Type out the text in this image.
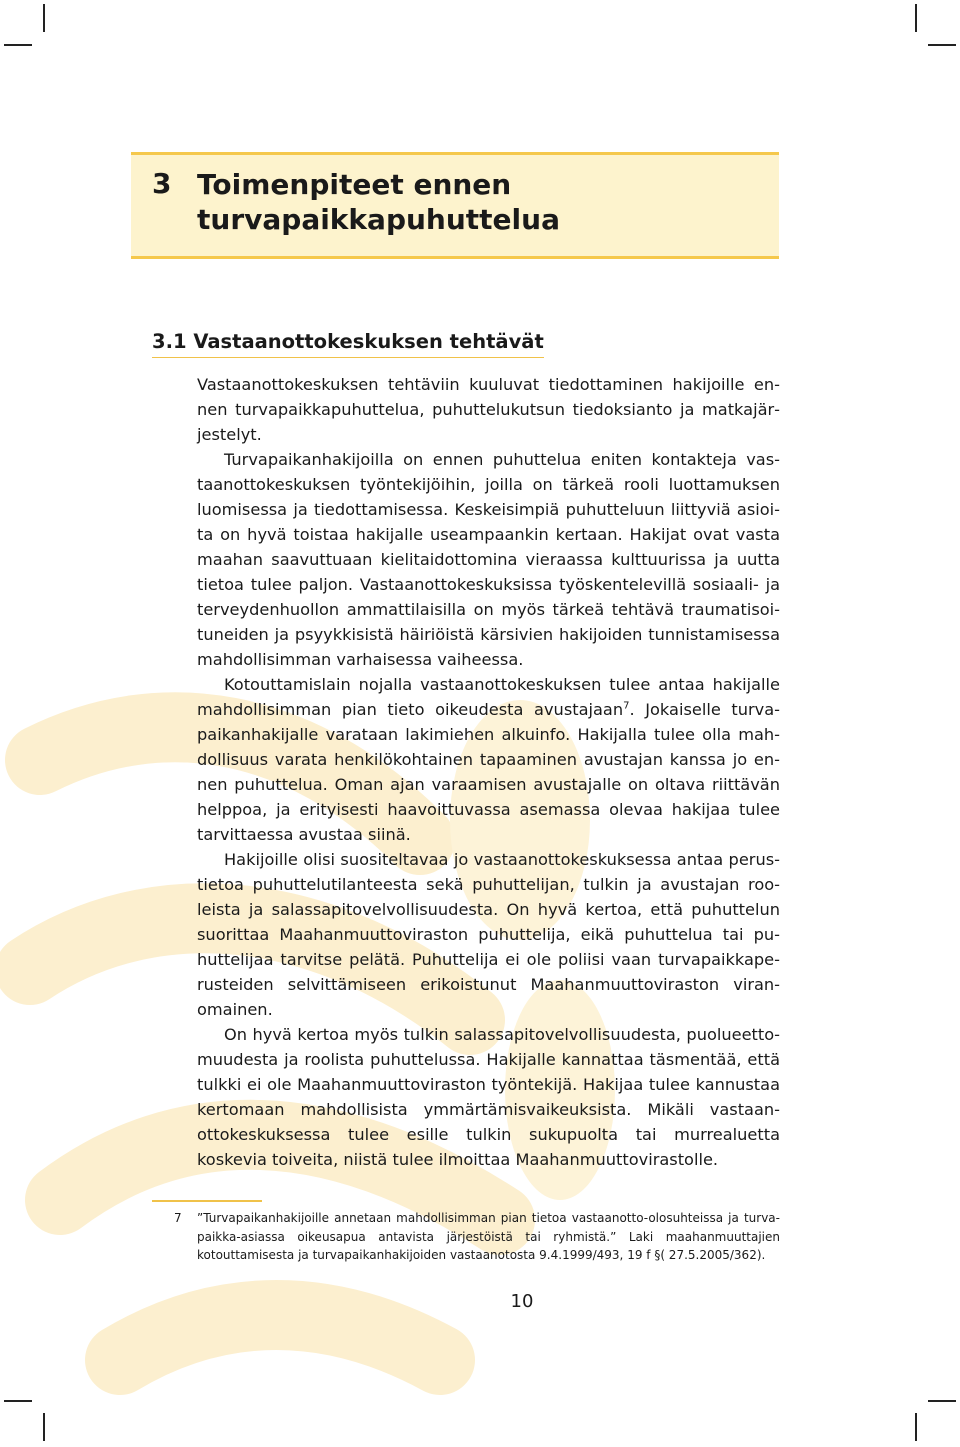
3 Toimenpiteet ennen turvapaikkapuhuttelua
3.1 Vastaanottokeskuksen tehtävät

Vastaanottokeskuksen tehtäviin kuuluvat tiedottaminen hakijoille ennen turvapaikkapuhuttelua, puhuttelukutsun tiedoksianto ja matkajärjestelyt.

Turvapaikanhakijoilla on ennen puhuttelua eniten kontakteja vastaanottokeskuksen työntekijöihin, joilla on tärkeä rooli luottamuksen luomisessa ja tiedottamisessa. Keskeisimpiä puhutteluun liittyviä asioita on hyvä toistaa hakijalle useampaankin kertaan. Hakijat ovat vasta maahan saavuttuaan kielitaidottomina vieraassa kulttuurissa ja uutta tietoa tulee paljon. Vastaanottokeskuksissa työskentelevillä sosiaali- ja terveydenhuollon ammattilaisilla on myös tärkeä tehtävä traumatisoituneiden ja psyykkisistä häiriöistä kärsivien hakijoiden tunnistamisessa mahdollisimman varhaisessa vaiheessa.

Kotouttamislain nojalla vastaanottokeskuksen tulee antaa hakijalle mahdollisimman pian tieto oikeudesta avustajaan$^7$. Jokaiselle turvapaikanhakijalle varataan lakimiehen alkuinfo. Hakijalla tulee olla mahdollisuus varata henkilökohtainen tapaaminen avustajan kanssa jo ennen puhuttelua. Oman ajan varaamisen avustajalle on oltava riittävän helppoa, ja erityisesti haavoittuvassa asemassa olevaa hakijaa tulee tarvittaessa avustaa siinä.

Hakijoille olisi suositeltavaa jo vastaanottokeskuksessa antaa perustietoa puhuttelutilanteesta sekä puhuttelijan, tulkin ja avustajan rooleista ja salassapitovelvollisuudesta. On hyvä kertoa, että puhuttelun suorittaa Maahanmuuttoviraston puhuttelija, eikä puhuttelua tai puhuttelijaa tarvitse pelätä. Puhuttelija ei ole poliisi vaan turvapaikkaperusteiden selvittämiseen erikoistunut Maahanmuuttoviraston viranomainen.

On hyvä kertoa myös tulkin salassapitovelvollisuudesta, puolueettomuudesta ja roolista puhuttelussa. Hakijalle kannattaa täsmentää, että tulkki ei ole Maahanmuuttoviraston työntekijä. Hakijaa tulee kannustaa kertomaan mahdollisista ymmärtämisvaikeuksista. Mikäli vastaanottokeskuksessa tulee esille tulkin sukupuolta tai murrealuetta koskevia toiveita, niistä tulee ilmoittaa Maahanmuuttovirastolle.

7 ”Turvapaikanhakijoille annetaan mahdollisimman pian tietoa vastaanotto-olosuhteissa ja turvapaikka-asiassa oikeusapua antavista järjestöistä tai ryhmistä.” Laki maahanmuuttajien kotouttamisesta ja turvapaikanhakijoiden vastaanotosta 9.4.1999/493, 19 f §( 27.5.2005/362).
10
